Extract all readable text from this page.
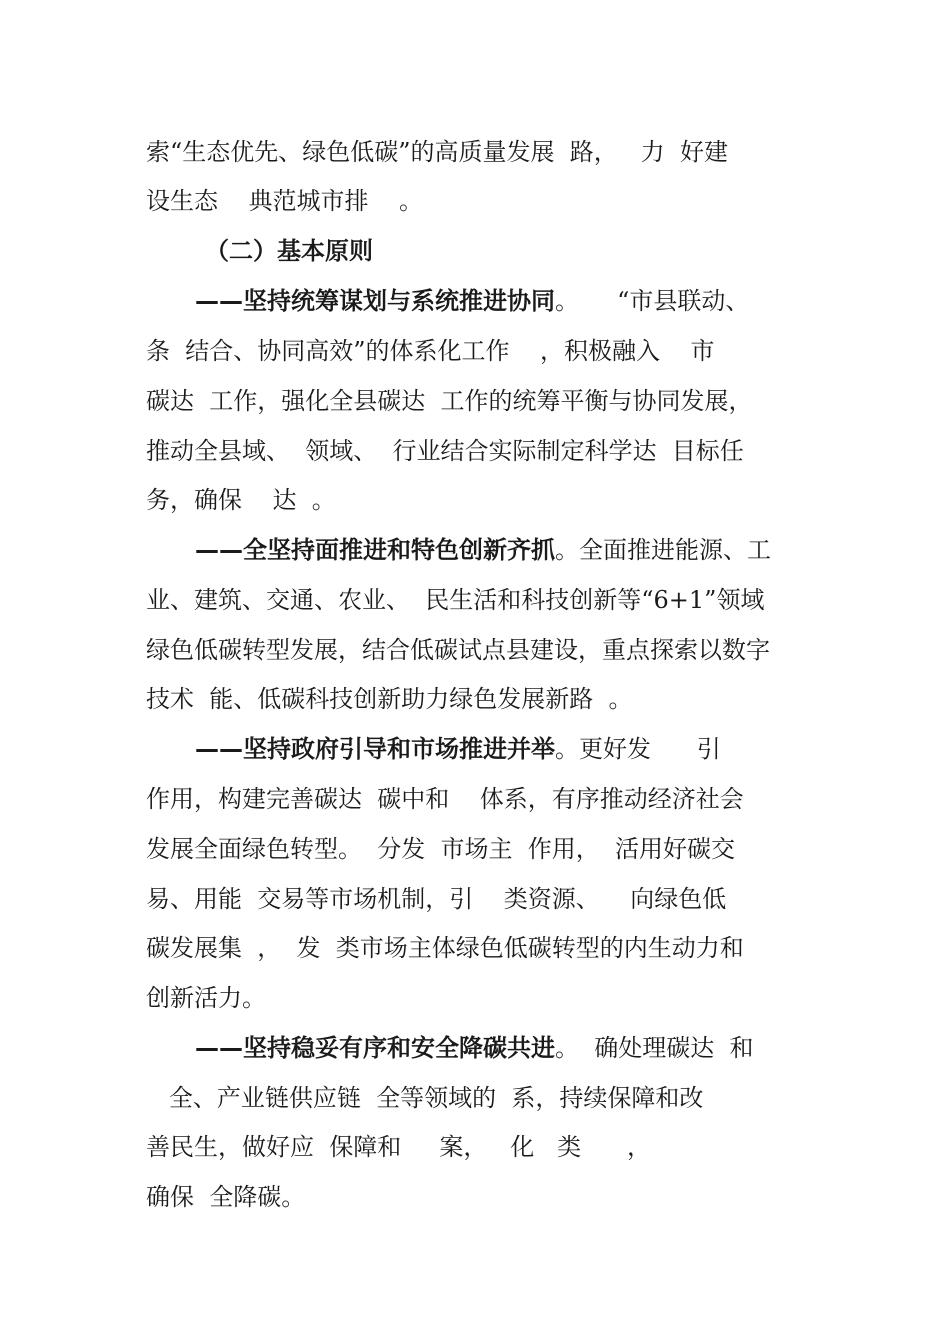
索“生态优先、绿色低碳”的高质量发展  路，   力  好建
设生态    典范城市排    。
（二）基本原则
——坚持统筹谋划与系统推进协同。     “市县联动、
条  结合、协同高效”的体系化工作    ，积极融入    市
碳达  工作，强化全县碳达  工作的统筹平衡与协同发展，
推动全县域、  领域、  行业结合实际制定科学达  目标任
务，确保    达  。
——全坚持面推进和特色创新齐抓。全面推进能源、工
业、建筑、交通、农业、  民生活和科技创新等“6+1”领域
绿色低碳转型发展，结合低碳试点县建设，重点探索以数字
技术  能、低碳科技创新助力绿色发展新路  。
——坚持政府引导和市场推进并举。更好发      引
作用，构建完善碳达  碳中和    体系，有序推动经济社会
发展全面绿色转型。  分发  市场主  作用，  活用好碳交
易、用能  交易等市场机制，引    类资源、    向绿色低
碳发展集  ，  发  类市场主体绿色低碳转型的内生动力和
创新活力。
——坚持稳妥有序和安全降碳共进。  确处理碳达  和
全、产业链供应链  全等领域的  系，持续保障和改
善民生，做好应  保障和     案，   化   类      ，
确保  全降碳。
